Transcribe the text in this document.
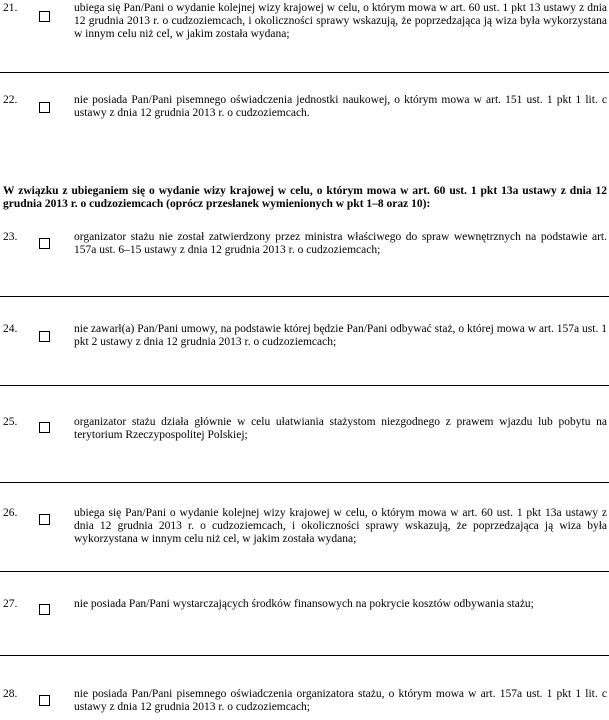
21.	ubiega się Pan/Pani o wydanie kolejnej wizy krajowej w celu, o którym mowa w art. 60 ust. 1 pkt 13 ustawy z dnia 12 grudnia 2013 r. o cudzoziemcach, i okoliczności sprawy wskazują, że poprzedzająca ją wiza była wykorzystana w innym celu niż cel, w jakim została wydana;
22.	nie posiada Pan/Pani pisemnego oświadczenia jednostki naukowej, o którym mowa w art. 151 ust. 1 pkt 1 lit. c ustawy z dnia 12 grudnia 2013 r. o cudzoziemcach.
W związku z ubieganiem się o wydanie wizy krajowej w celu, o którym mowa w art. 60 ust. 1 pkt 13a ustawy z dnia 12 grudnia 2013 r. o cudzoziemcach (oprócz przesłanek wymienionych w pkt 1–8 oraz 10):
23.	organizator stażu nie został zatwierdzony przez ministra właściwego do spraw wewnętrznych na podstawie art. 157a ust. 6–15 ustawy z dnia 12 grudnia 2013 r. o cudzoziemcach;
24.	nie zawarł(a) Pan/Pani umowy, na podstawie której będzie Pan/Pani odbywać staż, o której mowa w art. 157a ust. 1 pkt 2 ustawy z dnia 12 grudnia 2013 r. o cudzoziemcach;
25.	organizator stażu działa głównie w celu ułatwiania stażystom niezgodnego z prawem wjazdu lub pobytu na terytorium Rzeczypospolitej Polskiej;
26.	ubiega się Pan/Pani o wydanie kolejnej wizy krajowej w celu, o którym mowa w art. 60 ust. 1 pkt 13a ustawy z dnia 12 grudnia 2013 r. o cudzoziemcach, i okoliczności sprawy wskazują, że poprzedzająca ją wiza była wykorzystana w innym celu niż cel, w jakim została wydana;
27.	nie posiada Pan/Pani wystarczających środków finansowych na pokrycie kosztów odbywania stażu;
28.	nie posiada Pan/Pani pisemnego oświadczenia organizatora stażu, o którym mowa w art. 157a ust. 1 pkt 1 lit. c ustawy z dnia 12 grudnia 2013 r. o cudzoziemcach;
